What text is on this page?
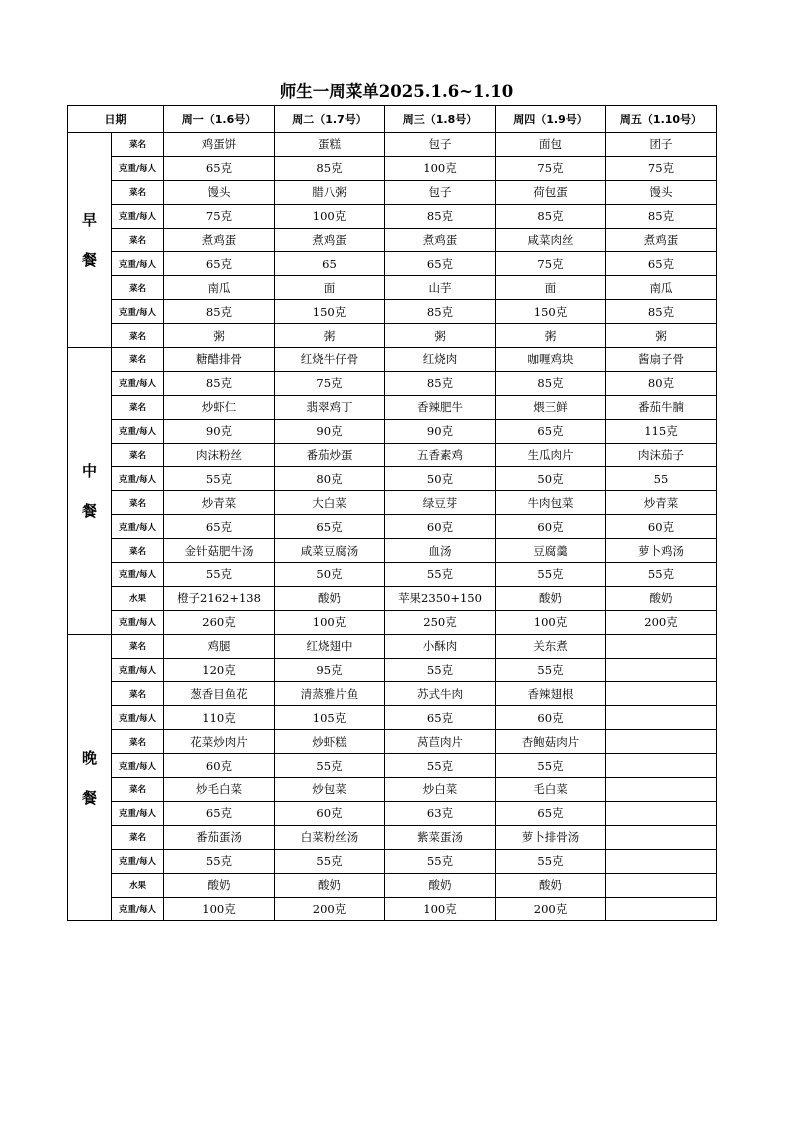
师生一周菜单2025.1.6~1.10
日期		周一（1.6号）	周二（1.7号）	周三（1.8号）	周四（1.9号）	周五（1.10号）

早
餐	菜名	鸡蛋饼	蛋糕	包子	面包	团子
	克重/每人	65克	85克	100克	75克	75克
	菜名	馒头	腊八粥	包子	荷包蛋	馒头
	克重/每人	75克	100克	85克	85克	85克
	菜名	煮鸡蛋	煮鸡蛋	煮鸡蛋	咸菜肉丝	煮鸡蛋
	克重/每人	65克	65	65克	75克	65克
	菜名	南瓜	面	山芋	面	南瓜
	克重/每人	85克	150克	85克	150克	85克
	菜名	粥	粥	粥	粥	粥

中
餐	菜名	糖醋排骨	红烧牛仔骨	红烧肉	咖喱鸡块	酱扇子骨
	克重/每人	85克	75克	85克	85克	80克
	菜名	炒虾仁	翡翠鸡丁	香辣肥牛	煨三鲜	番茄牛腩
	克重/每人	90克	90克	90克	65克	115克
	菜名	肉沫粉丝	番茄炒蛋	五香素鸡	生瓜肉片	肉沫茄子
	克重/每人	55克	80克	50克	50克	55
	菜名	炒青菜	大白菜	绿豆芽	牛肉包菜	炒青菜
	克重/每人	65克	65克	60克	60克	60克
	菜名	金针菇肥牛汤	咸菜豆腐汤	血汤	豆腐羹	萝卜鸡汤
	克重/每人	55克	50克	55克	55克	55克
	水果	橙子2162+138	酸奶	苹果2350+150	酸奶	酸奶
	克重/每人	260克	100克	250克	100克	200克

晚
餐	菜名	鸡腿	红烧翅中	小酥肉	关东煮	
	克重/每人	120克	95克	55克	55克	
	菜名	葱香目鱼花	清蒸雅片鱼	苏式牛肉	香辣翅根	
	克重/每人	110克	105克	65克	60克	
	菜名	花菜炒肉片	炒虾糕	莴苣肉片	杏鲍菇肉片	
	克重/每人	60克	55克	55克	55克	
	菜名	炒毛白菜	炒包菜	炒白菜	毛白菜	
	克重/每人	65克	60克	63克	65克	
	菜名	番茄蛋汤	白菜粉丝汤	紫菜蛋汤	萝卜排骨汤	
	克重/每人	55克	55克	55克	55克	
	水果	酸奶	酸奶	酸奶	酸奶	
	克重/每人	100克	200克	100克	200克	
